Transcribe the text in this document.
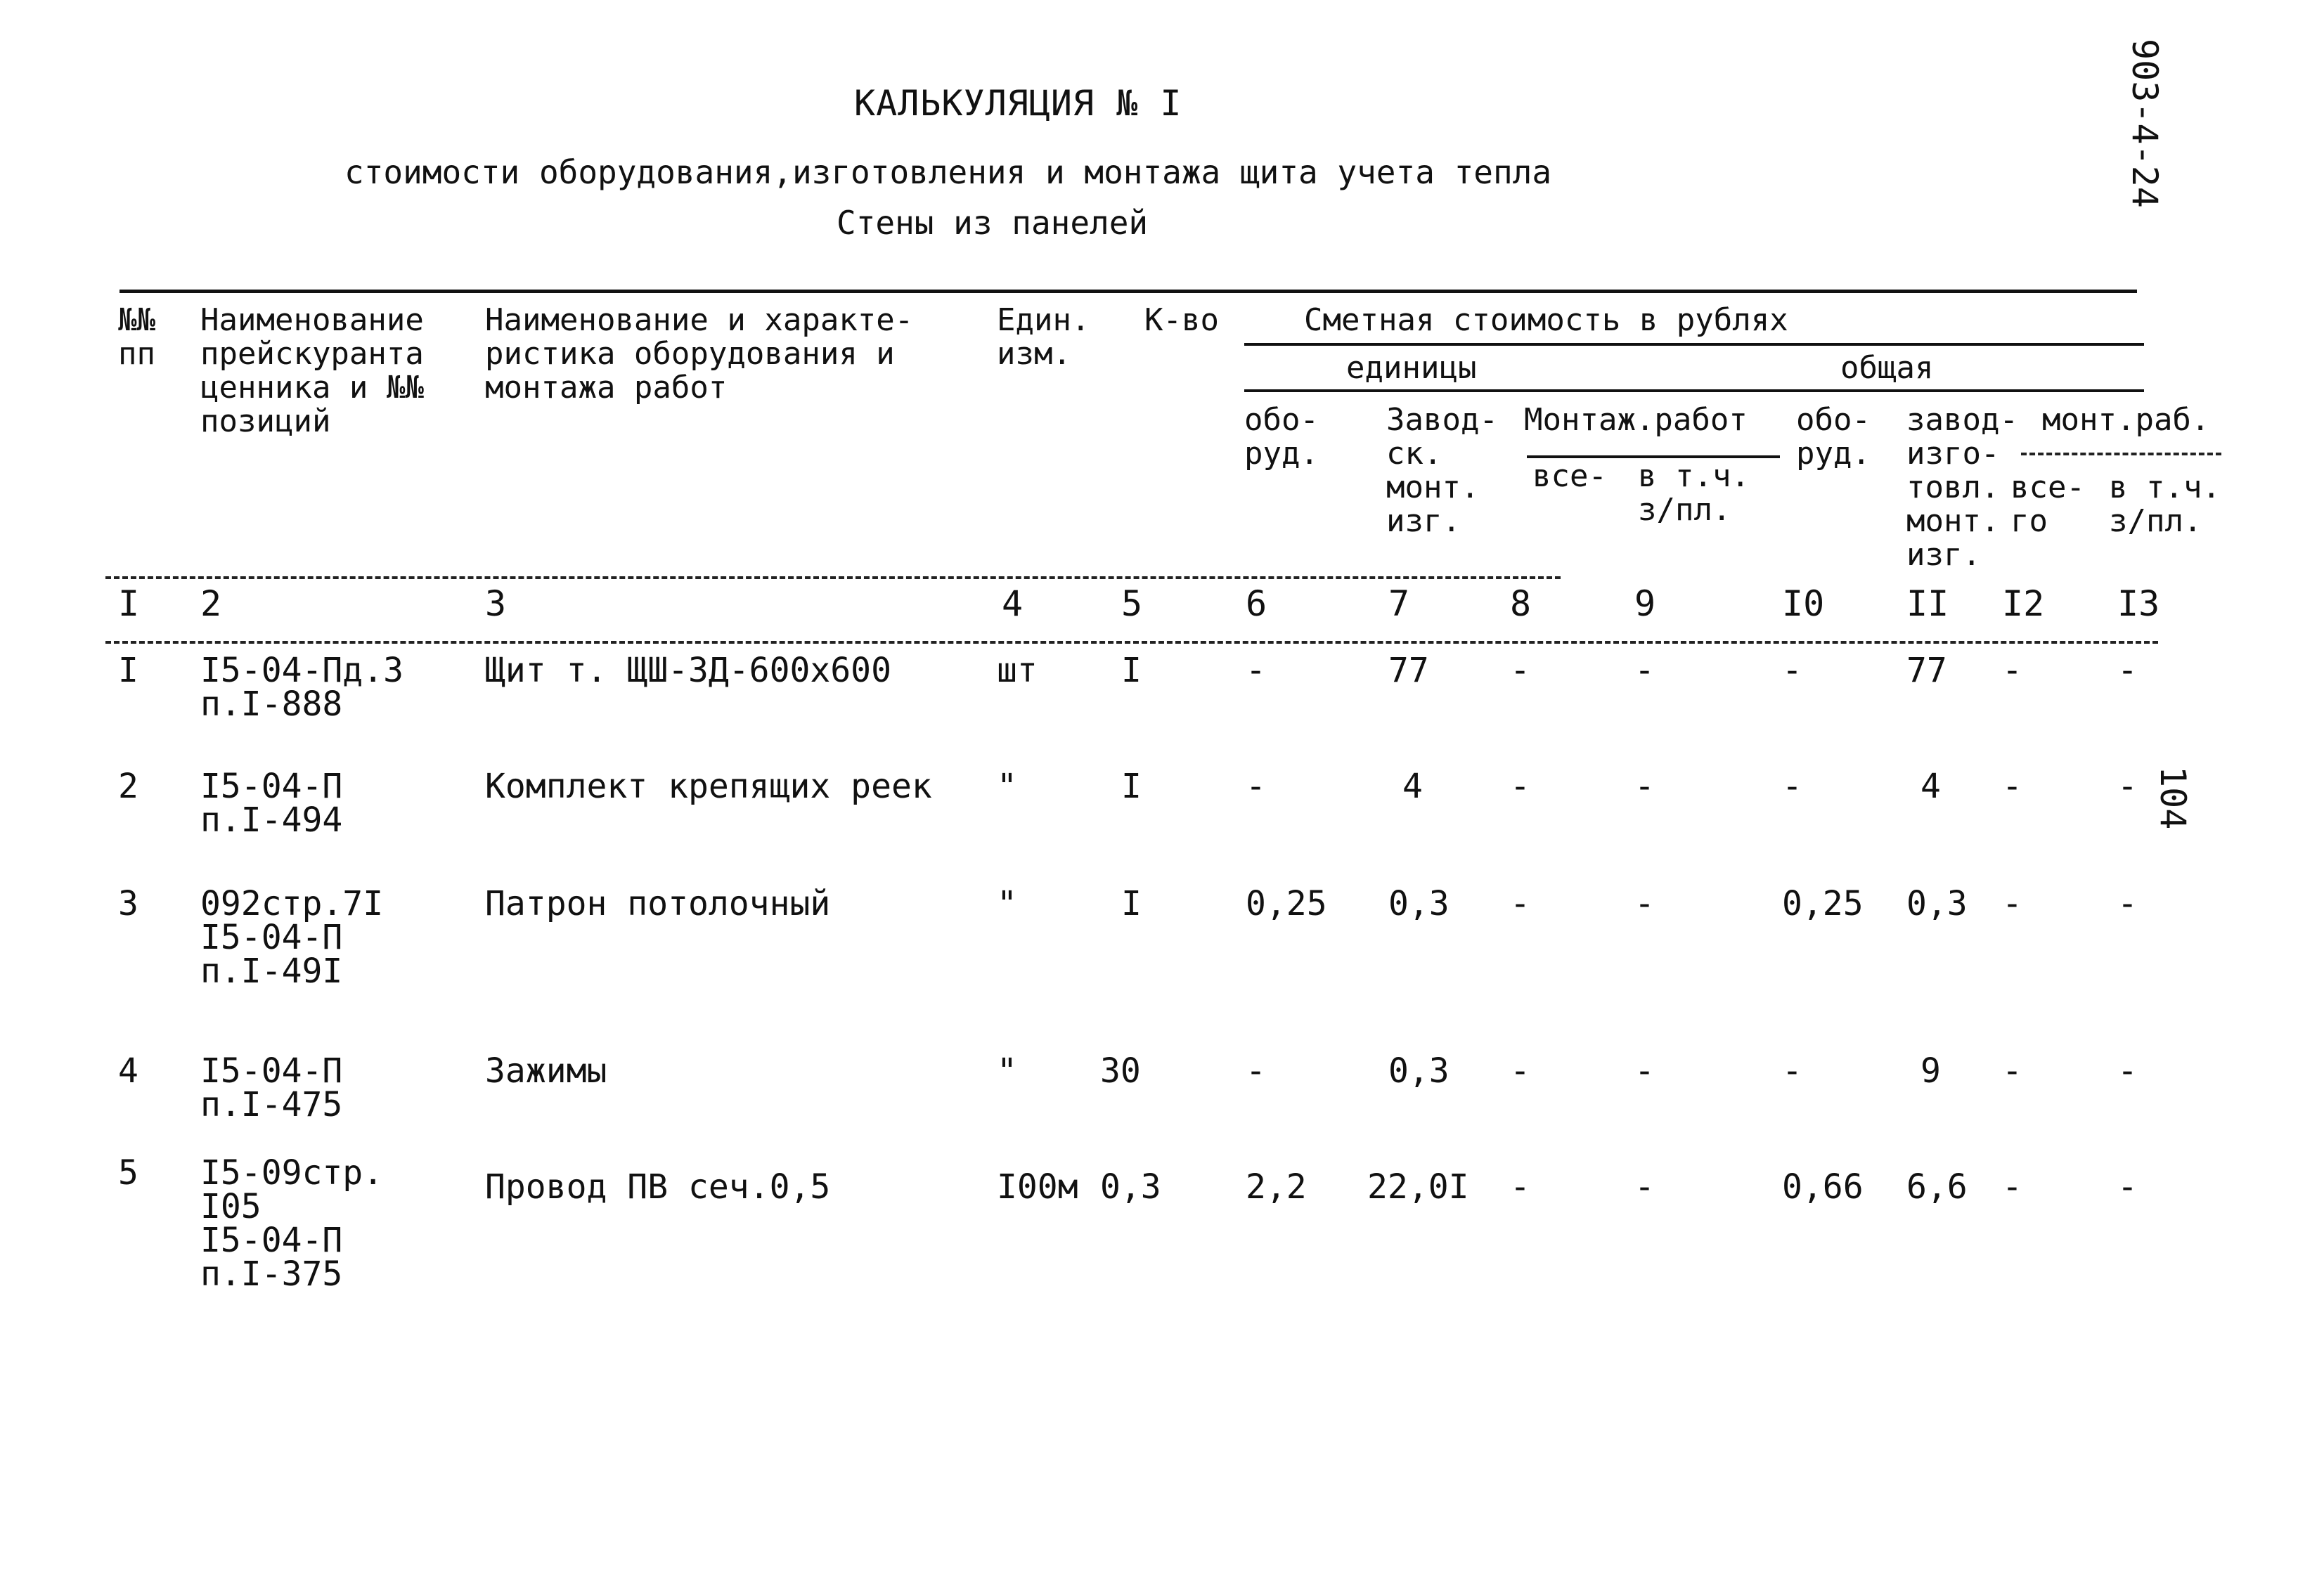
КАЛЬКУЛЯЦИЯ № I
стоимости оборудования,изготовления и монтажа щита учета тепла
Стены из панелей
903-4-24
104
№№
пп
Наименование
прейскуранта
ценника и №№
позиций
Наименование и характе-
ристика оборудования и
монтажа работ
Един.
изм.
К-во	Сметная стоимость в рублях
единицы	общая
обо-
руд.
Завод-
ск.
монт.
изг.
Монтаж.работ
все- в т.ч.
з/пл.
обо-
руд.
завод-
изго-
товл.
монт.
изг.
монт.раб.
все-
го
в т.ч.
з/пл.
I 2	3	4	5	6	7	8	9	I0 II I2 I3
I I5-04-Пд.3
п.I-888
Щит т. ЩШ-ЗД-600х600	шт I	-	77 -	-	-	77 -	-
2 I5-04-П
п.I-494
Комплект крепящих реек "	I	-	4	-	-	-	4 -	-
3 092стр.7I
I5-04-П
п.I-49I
Патрон потолочный	"	I	0,25 0,3 -	-	0,25 0,3 -	-
4 I5-04-П
п.I-475
Зажимы	" 30	-	0,3 -	-	-	9 -	-
5 I5-09стр.
I05
I5-04-П
п.I-375
Провод ПВ сеч.0,5	I00м 0,3	2,2 22,0I -	-	0,66 6,6 -	-
